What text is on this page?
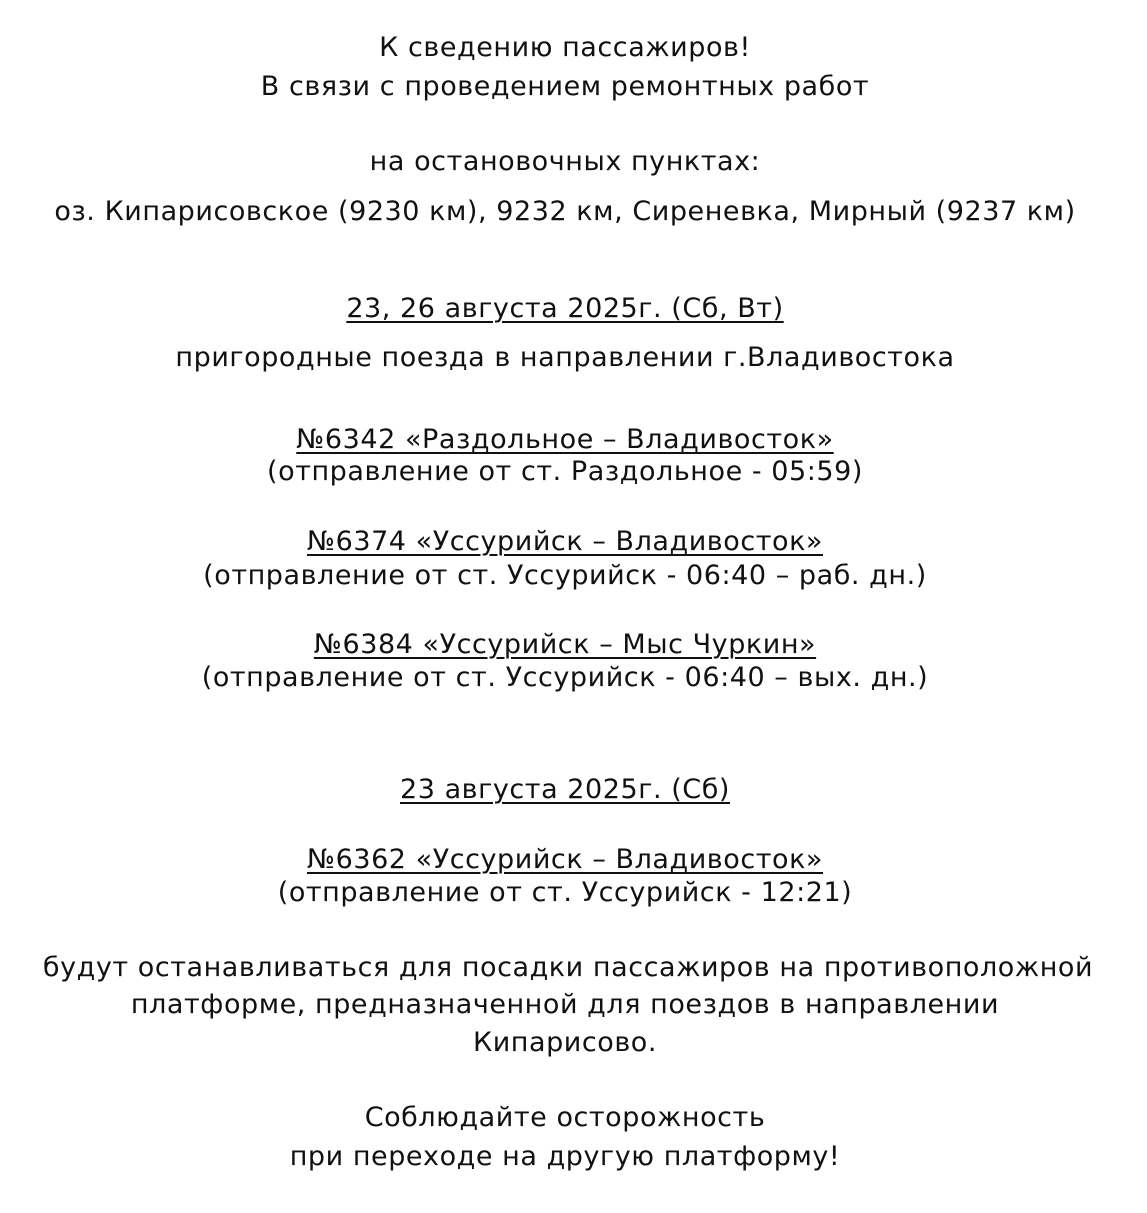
К сведению пассажиров!
В связи с проведением ремонтных работ
на остановочных пунктах:
оз. Кипарисовское (9230 км), 9232 км, Сиреневка, Мирный (9237 км)
23, 26 августа 2025г. (Сб, Вт)
пригородные поезда в направлении г.Владивостока
№6342 «Раздольное – Владивосток»
(отправление от ст. Раздольное - 05:59)
№6374 «Уссурийск – Владивосток»
(отправление от ст. Уссурийск - 06:40 – раб. дн.)
№6384 «Уссурийск – Мыс Чуркин»
(отправление от ст. Уссурийск - 06:40 – вых. дн.)
23 августа 2025г. (Сб)
№6362 «Уссурийск – Владивосток»
(отправление от ст. Уссурийск - 12:21)
будут останавливаться для посадки пассажиров на противоположной
платформе, предназначенной для поездов в направлении
Кипарисово.
Соблюдайте осторожность
при переходе на другую платформу!
